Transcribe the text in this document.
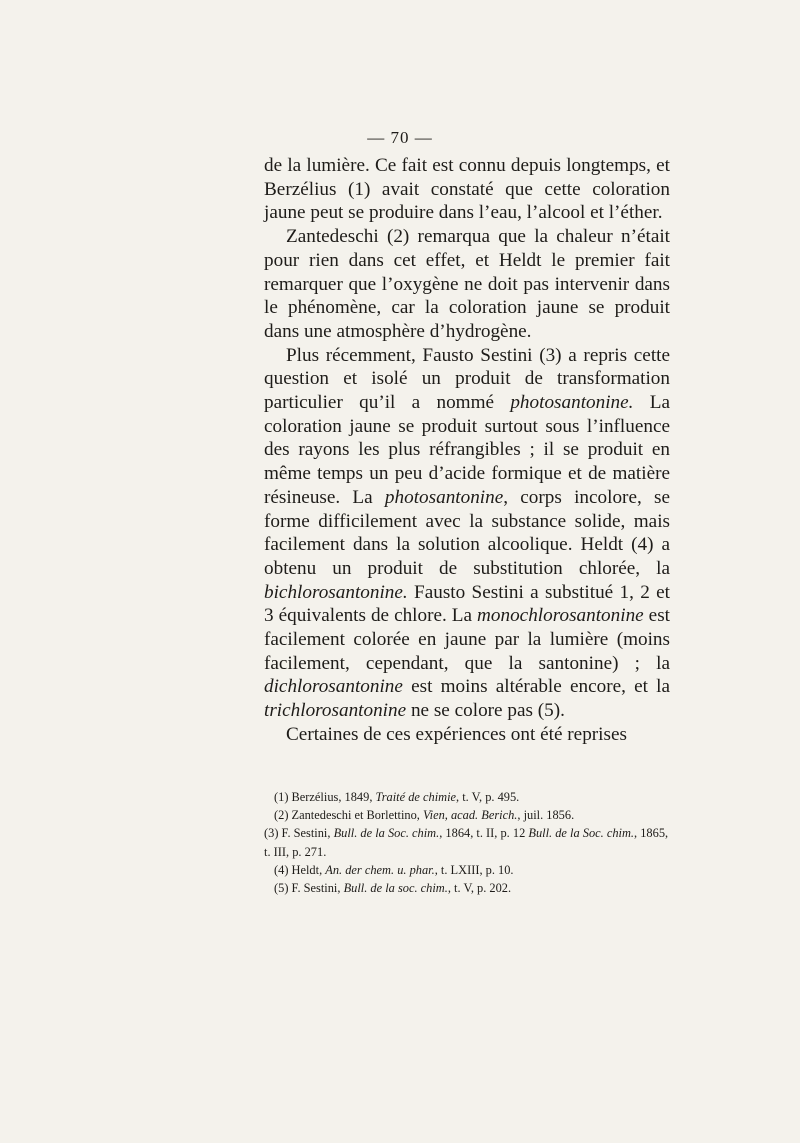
— 70 —

de la lumière. Ce fait est connu depuis longtemps, et Berzélius (1) avait constaté que cette coloration jaune peut se produire dans l’eau, l’alcool et l’éther.

Zantedeschi (2) remarqua que la chaleur n’était pour rien dans cet effet, et Heldt le premier fait remarquer que l’oxygène ne doit pas intervenir dans le phénomène, car la coloration jaune se produit dans une atmosphère d’hydrogène.

Plus récemment, Fausto Sestini (3) a repris cette question et isolé un produit de transformation particulier qu’il a nommé photosantonine. La coloration jaune se produit surtout sous l’influence des rayons les plus réfrangibles ; il se produit en même temps un peu d’acide formique et de matière résineuse. La photosantonine, corps incolore, se forme difficilement avec la substance solide, mais facilement dans la solution alcoolique. Heldt (4) a obtenu un produit de substitution chlorée, la bichlorosantonine. Fausto Sestini a substitué 1, 2 et 3 équivalents de chlore. La monochlorosantonine est facilement colorée en jaune par la lumière (moins facilement, cependant, que la santonine) ; la dichlorosantonine est moins altérable encore, et la trichlorosantonine ne se colore pas (5).

Certaines de ces expériences ont été reprises

(1) Berzélius, 1849, Traité de chimie, t. V, p. 495.

(2) Zantedeschi et Borlettino, Vien, acad. Berich., juil. 1856.

(3) F. Sestini, Bull. de la Soc. chim., 1864, t. II, p. 12 Bull. de la Soc. chim., 1865, t. III, p. 271.

(4) Heldt, An. der chem. u. phar., t. LXIII, p. 10.

(5) F. Sestini, Bull. de la soc. chim., t. V, p. 202.
